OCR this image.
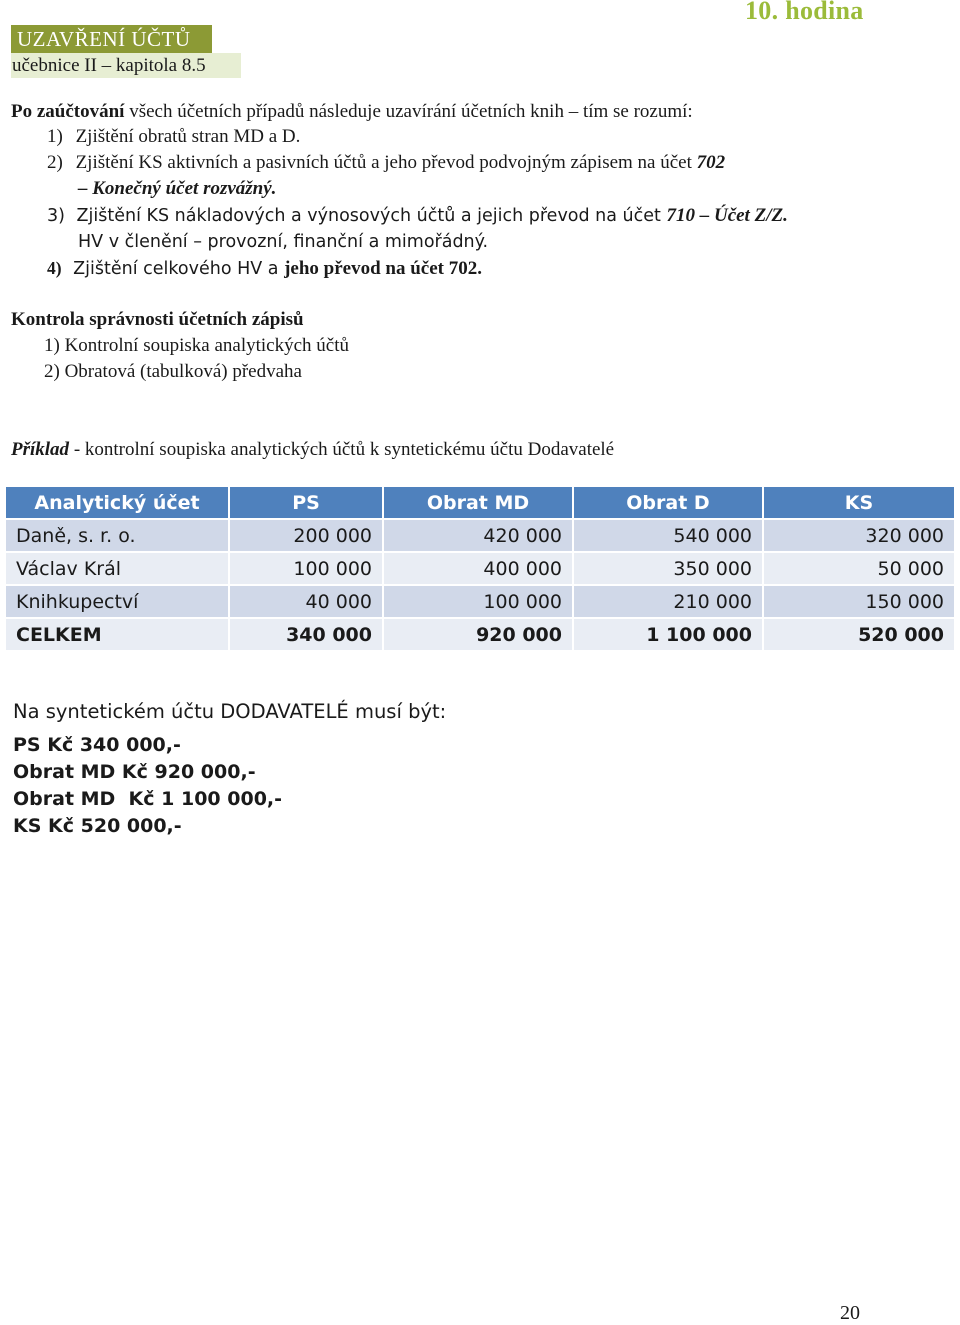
10. hodina
UZAVŘENÍ ÚČTŮ
učebnice II – kapitola 8.5
Po zaúčtování všech účetních případů následuje uzavírání účetních knih – tím se rozumí:
1) Zjištění obratů stran MD a D.
2) Zjištění KS aktivních a pasivních účtů a jeho převod podvojným zápisem na účet 702
– Konečný účet rozvážný.
3) Zjištění KS nákladových a výnosových účtů a jejich převod na účet 710 – Účet Z/Z.
HV v členění – provozní, finanční a mimořádný.
4) Zjištění celkového HV a jeho převod na účet 702.
Kontrola správnosti účetních zápisů
1) Kontrolní soupiska analytických účtů
2) Obratová (tabulková) předvaha
Příklad - kontrolní soupiska analytických účtů k syntetickému účtu Dodavatelé
Analytický účet	PS	Obrat MD	Obrat D	KS
Daně, s. r. o.	200 000	420 000	540 000	320 000
Václav Král	100 000	400 000	350 000	50 000
Knihkupectví	40 000	100 000	210 000	150 000
CELKEM	340 000	920 000	1 100 000	520 000
Na syntetickém účtu DODAVATELÉ musí být:
PS Kč 340 000,-
Obrat MD Kč 920 000,-
Obrat MD  Kč 1 100 000,-
KS Kč 520 000,-
20
